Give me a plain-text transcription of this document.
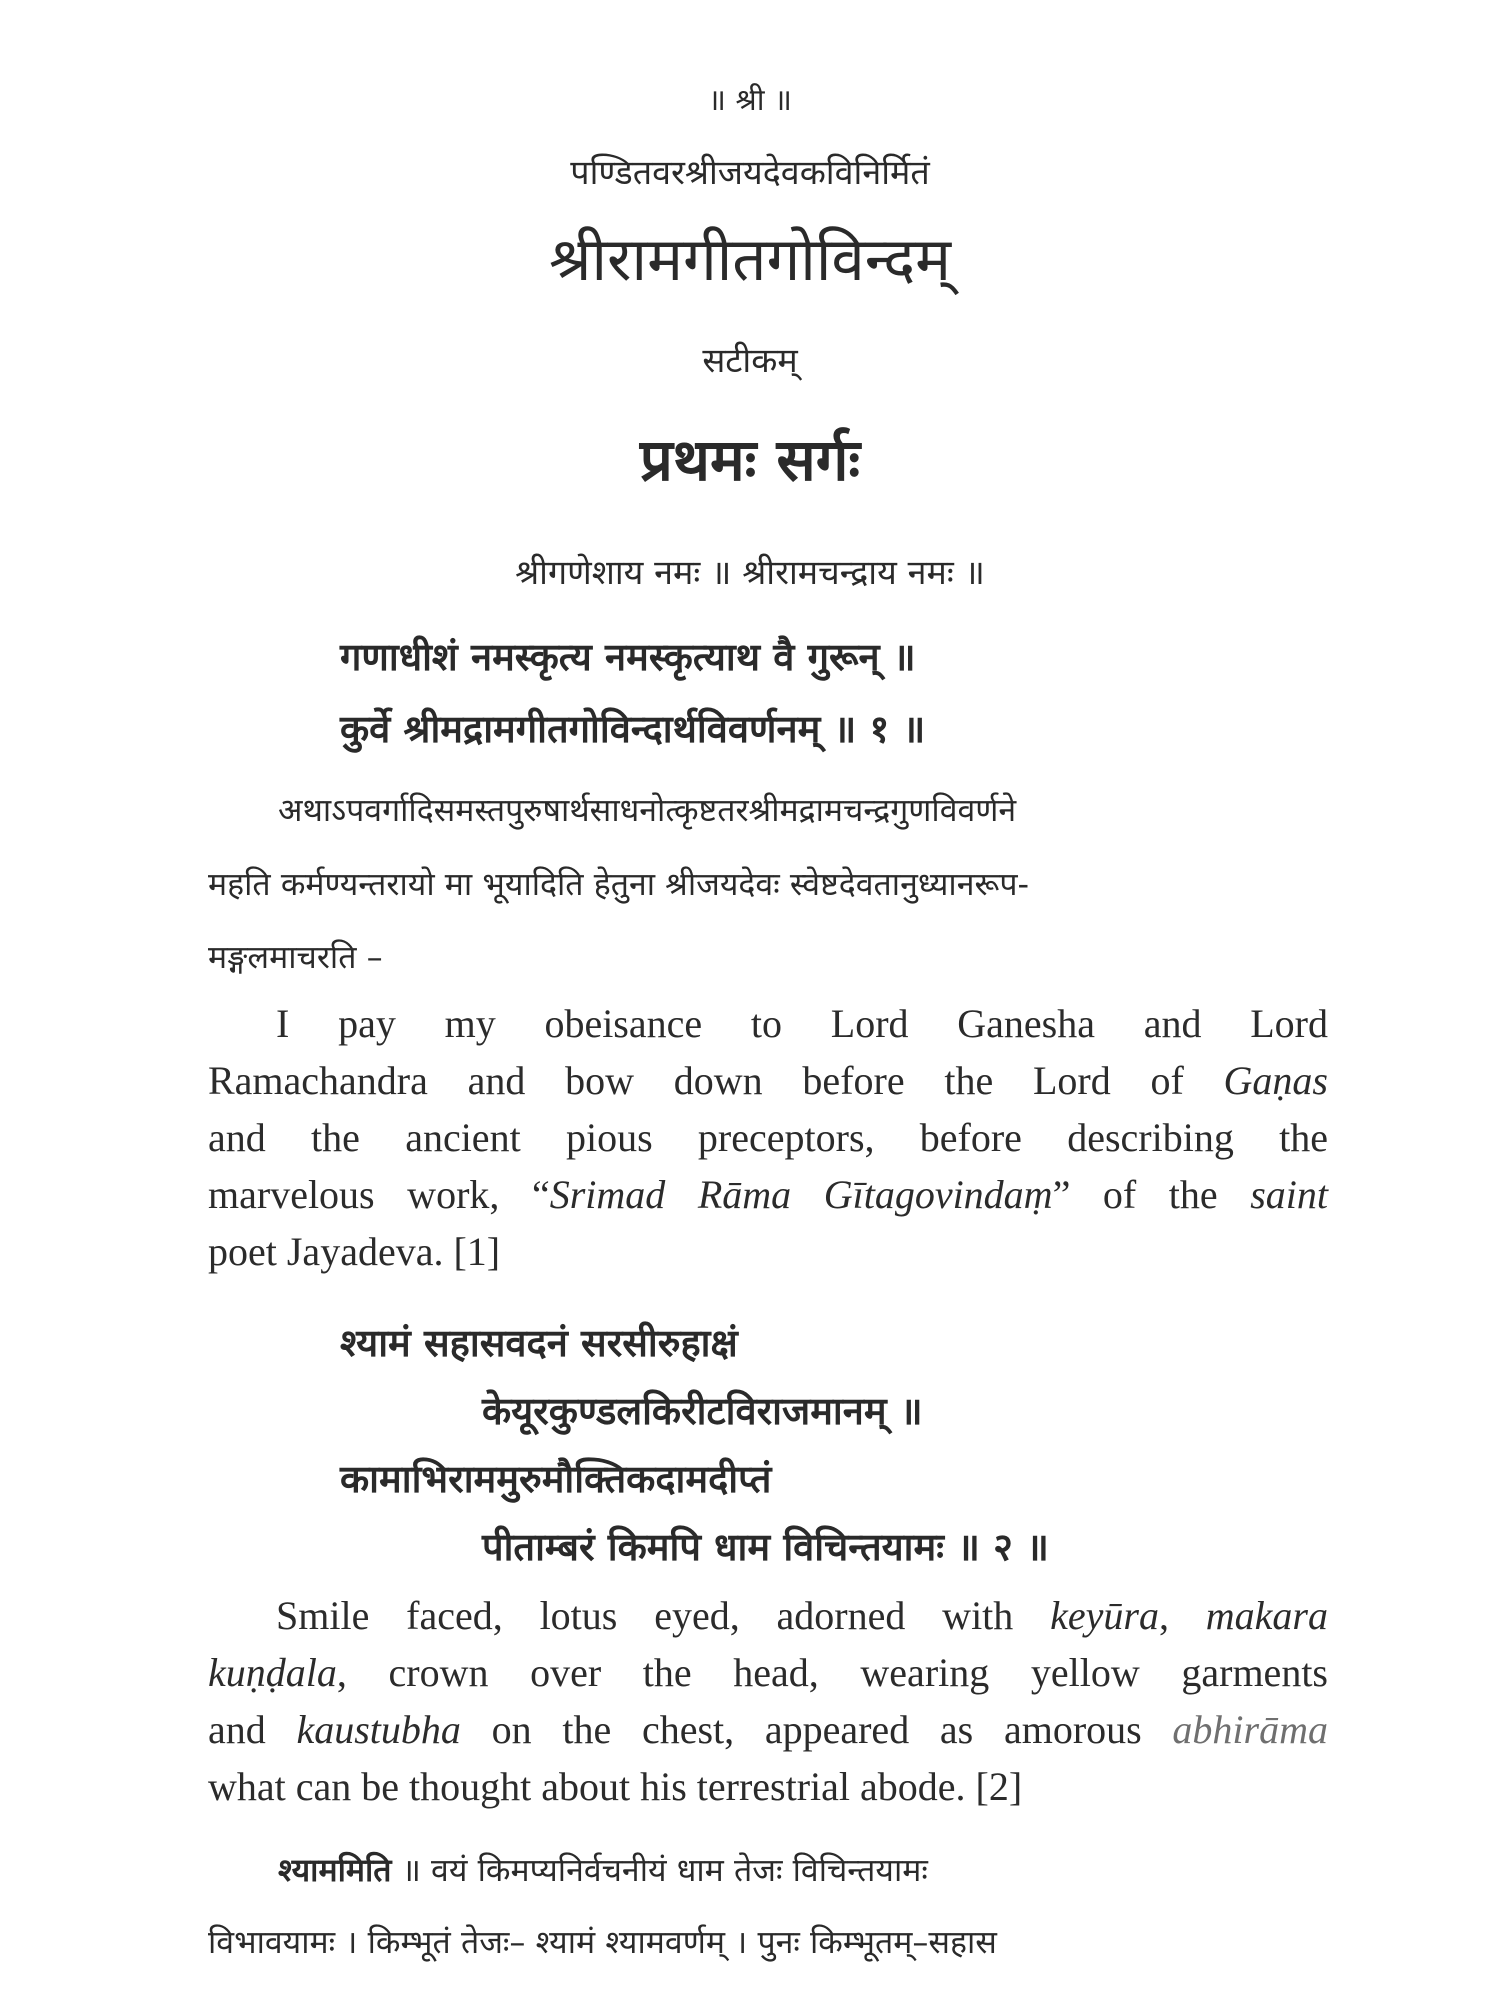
॥ श्री ॥
पण्डितवरश्रीजयदेवकविनिर्मितं
श्रीरामगीतगोविन्दम्
सटीकम्
प्रथमः सर्गः
श्रीगणेशाय नमः ॥ श्रीरामचन्द्राय नमः ॥
गणाधीशं नमस्कृत्य नमस्कृत्याथ वै गुरून् ॥
कुर्वे श्रीमद्रामगीतगोविन्दार्थविवर्णनम् ॥ १ ॥
अथाऽपवर्गादिसमस्तपुरुषार्थसाधनोत्कृष्टतरश्रीमद्रामचन्द्रगुणविवर्णने
महति कर्मण्यन्तरायो मा भूयादिति हेतुना श्रीजयदेवः स्वेष्टदेवतानुध्यानरूप-
मङ्गलमाचरति –
I pay my obeisance to Lord Ganesha and Lord
Ramachandra and bow down before the Lord of Gaṇas
and the ancient pious preceptors, before describing the
marvelous work, “Srimad Rāma Gītagovindaṃ” of the saint
poet Jayadeva. [1]
श्यामं सहासवदनं सरसीरुहाक्षं
केयूरकुण्डलकिरीटविराजमानम् ॥
कामाभिराममुरुमौक्तिकदामदीप्तं
पीताम्बरं किमपि धाम विचिन्तयामः ॥ २ ॥
Smile faced, lotus eyed, adorned with keyūra, makara
kuṇḍala, crown over the head, wearing yellow garments
and kaustubha on the chest, appeared as amorous abhirāma
what can be thought about his terrestrial abode. [2]
श्याममिति ॥ वयं किमप्यनिर्वचनीयं धाम तेजः विचिन्तयामः
विभावयामः । किम्भूतं तेजः– श्यामं श्यामवर्णम् । पुनः किम्भूतम्–सहास
